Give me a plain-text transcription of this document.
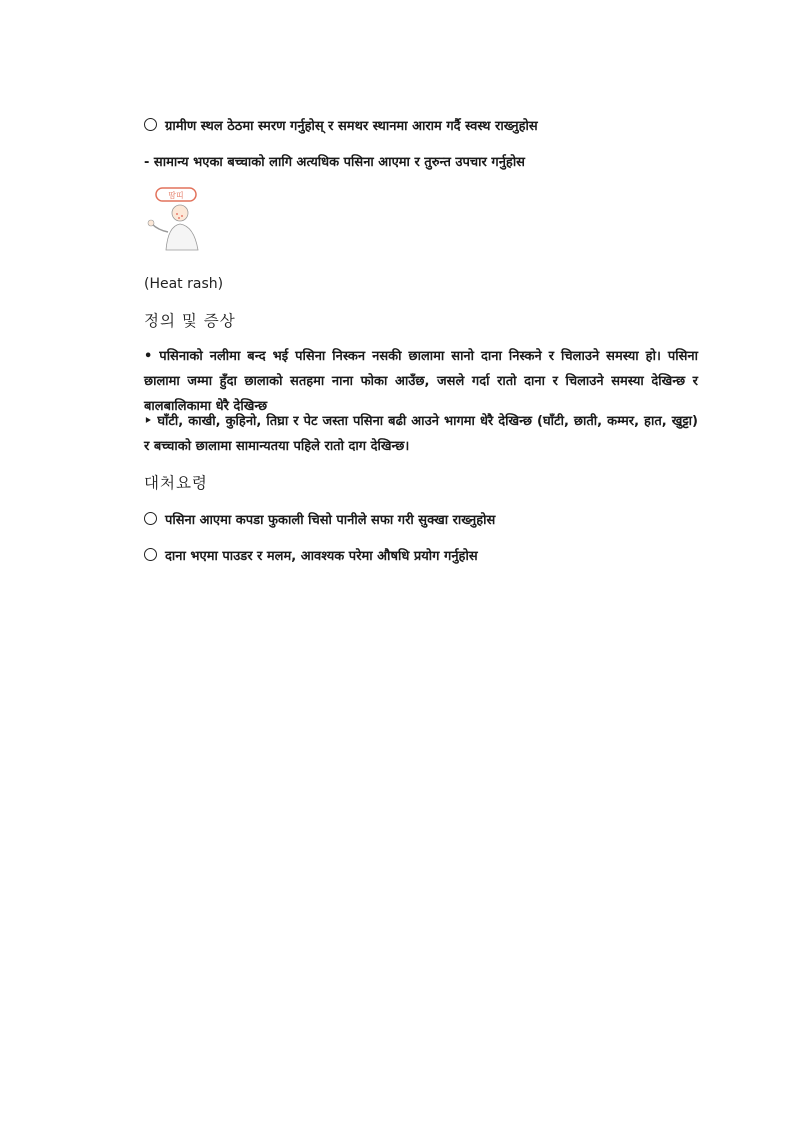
ग्रामीण स्थल ठेठमा स्मरण गर्नुहोस् र समथर स्थानमा आराम गर्दै स्वस्थ राख्नुहोस
- सामान्य भएका बच्चाको लागि अत्यधिक पसिना आएमा र तुरुन्त उपचार गर्नुहोस
땀띠
(Heat rash)
정의 및 증상
• पसिनाको नलीमा बन्द भई पसिना निस्कन नसकी छालामा सानो दाना निस्कने र चिलाउने समस्या हो। पसिना छालामा जम्मा हुँदा छालाको सतहमा नाना फोका आउँछ, जसले गर्दा रातो दाना र चिलाउने समस्या देखिन्छ र बालबालिकामा धेरै देखिन्छ
‣ घाँटी, काखी, कुहिनो, तिघ्रा र पेट जस्ता पसिना बढी आउने भागमा धेरै देखिन्छ (घाँटी, छाती, कम्मर, हात, खुट्टा) र बच्चाको छालामा सामान्यतया पहिले रातो दाग देखिन्छ।
대처요령
पसिना आएमा कपडा फुकाली चिसो पानीले सफा गरी सुक्खा राख्नुहोस
दाना भएमा पाउडर र मलम, आवश्यक परेमा औषधि प्रयोग गर्नुहोस
